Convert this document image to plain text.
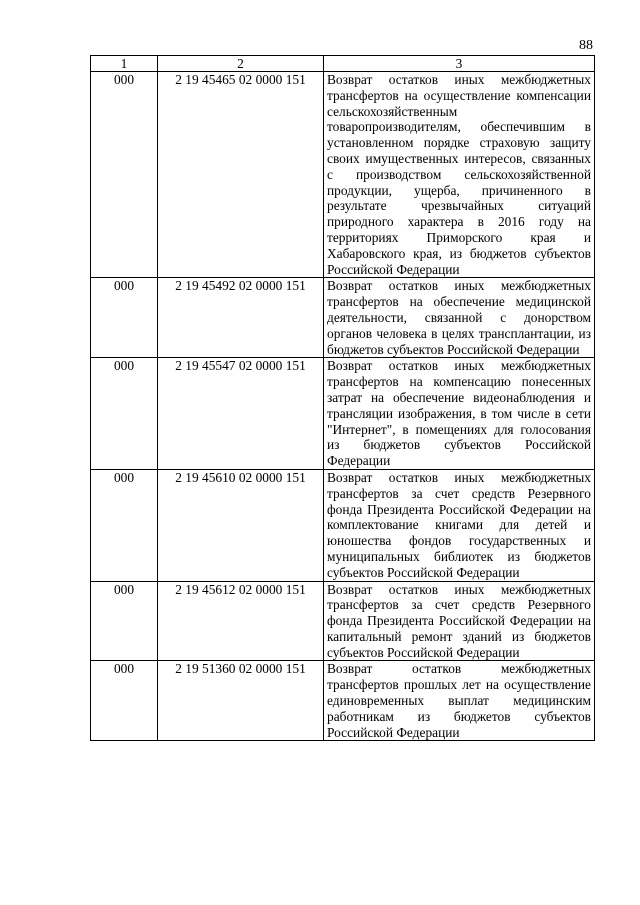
88
1	2	3
000	2 19 45465 02 0000 151	Возврат остатков иных межбюджетных трансфертов на осуществление компенсации сельскохозяйственным товаропроизводителям, обеспечившим в установленном порядке страховую защиту своих имущественных интересов, связанных с производством сельскохозяйственной продукции, ущерба, причиненного в результате чрезвычайных ситуаций природного характера в 2016 году на территориях Приморского края и Хабаровского края, из бюджетов субъектов Российской Федерации
000	2 19 45492 02 0000 151	Возврат остатков иных межбюджетных трансфертов на обеспечение медицинской деятельности, связанной с донорством органов человека в целях трансплантации, из бюджетов субъектов Российской Федерации
000	2 19 45547 02 0000 151	Возврат остатков иных межбюджетных трансфертов на компенсацию понесенных затрат на обеспечение видеонаблюдения и трансляции изображения, в том числе в сети "Интернет", в помещениях для голосования из бюджетов субъектов Российской Федерации
000	2 19 45610 02 0000 151	Возврат остатков иных межбюджетных трансфертов за счет средств Резервного фонда Президента Российской Федерации на комплектование книгами для детей и юношества фондов государственных и муниципальных библиотек из бюджетов субъектов Российской Федерации
000	2 19 45612 02 0000 151	Возврат остатков иных межбюджетных трансфертов за счет средств Резервного фонда Президента Российской Федерации на капитальный ремонт зданий из бюджетов субъектов Российской Федерации
000	2 19 51360 02 0000 151	Возврат остатков межбюджетных трансфертов прошлых лет на осуществление единовременных выплат медицинским работникам из бюджетов субъектов Российской Федерации
